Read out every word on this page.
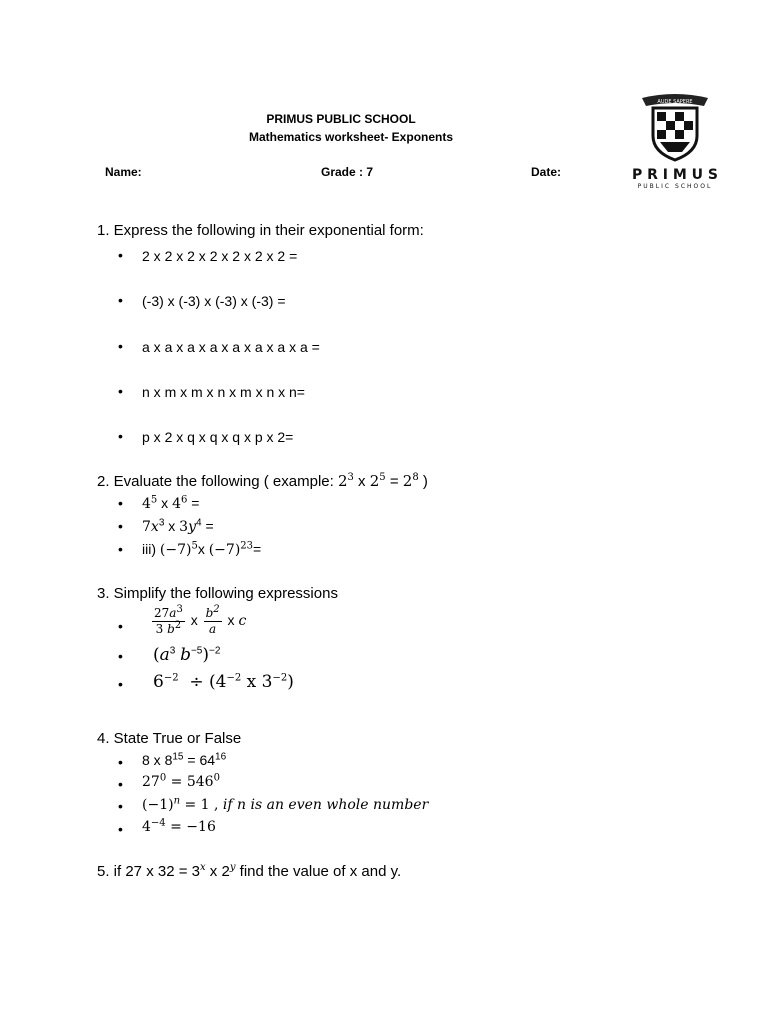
PRIMUS PUBLIC SCHOOL
Mathematics worksheet- Exponents
Name:	Grade : 7	Date:
AUDE SAPERE
P R I M U S
PUBLIC SCHOOL
1. Express the following in their exponential form:
• 2 x 2 x 2 x 2 x 2 x 2 x 2 =
• (-3) x (-3) x (-3) x (-3) =
• a x a x a x a x a x a x a x a =
• n x m x m x n x m x n x n=
• p x 2 x q x q x q x p x 2=
2. Evaluate the following ( example: $2^3$ x $2^5 = 2^8$ )
• $4^5$ x $4^6$ =
• $7x^3$ x $3y^4$ =
• iii) $(-7)^5x$ $(-7)^{23}=$
3. Simplify the following expressions
• $\frac{27a^3}{3 b^2}$ x $\frac{b^2}{a}$ x c
• ($a^3$ $b^{-5})^{-2}$
• $6^{-2} \div (4^{-2}$ x $3^{-2}$)
4. State True or False
• 8 x $8^{15} = 64^{16}$
• $27^0 = 546^0$
• $(-1)^n = 1$ , if n is an even whole number
• $4^{-4} = -16$
5. if 27 x $32 = 3^x$ x 2$^y$ find the value of x and y.
